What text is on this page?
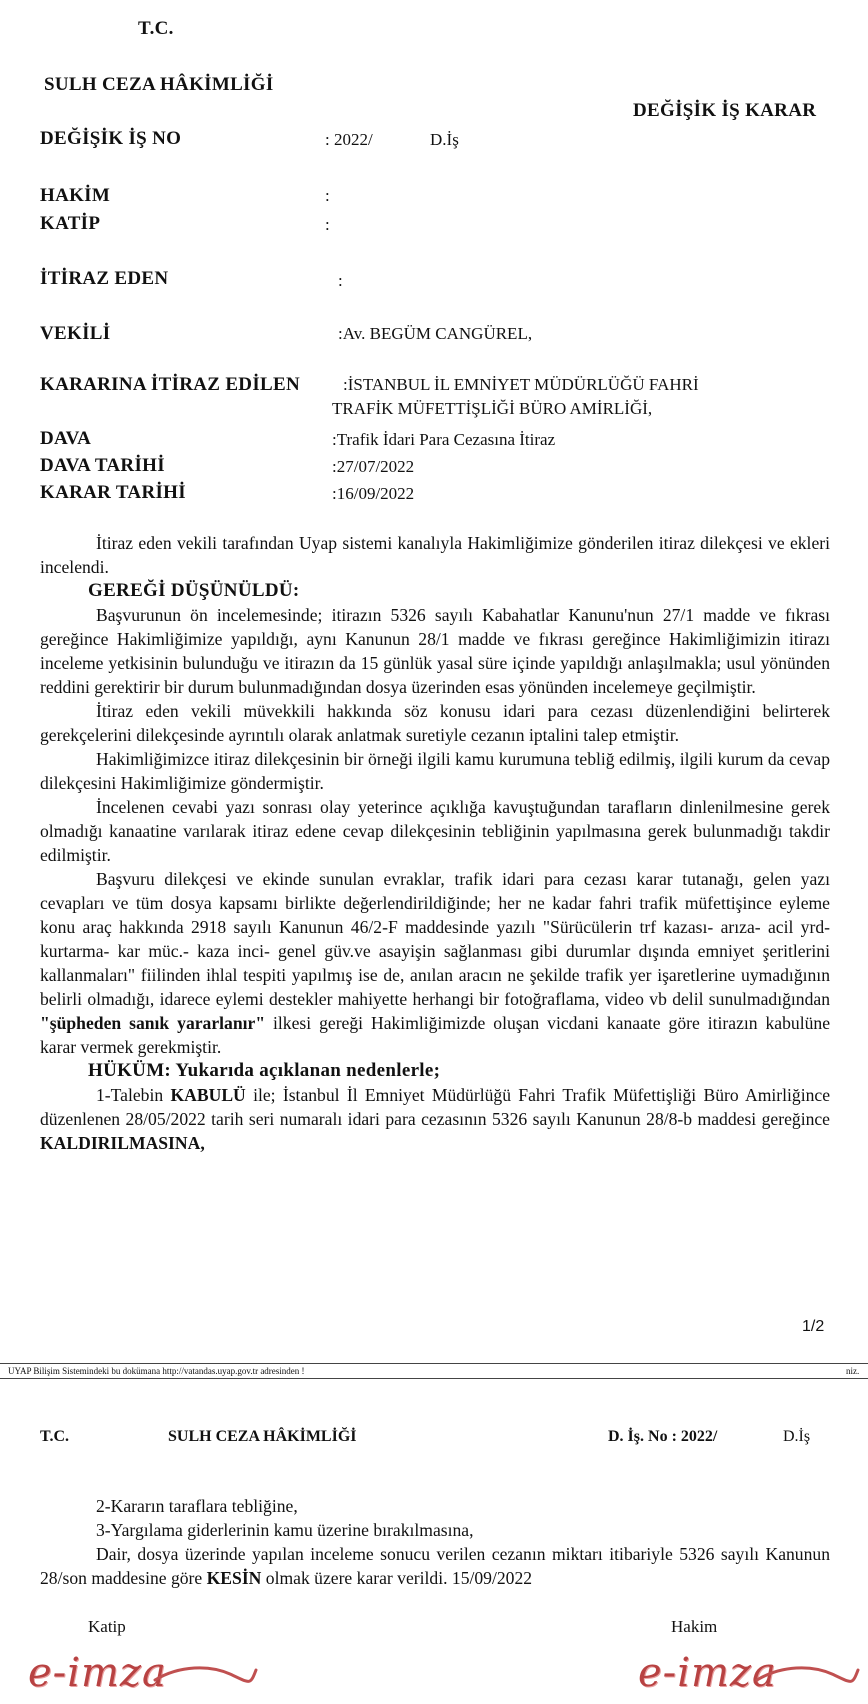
T.C.
SULH CEZA HÂKİMLİĞİ
DEĞİŞİK İŞ KARAR
DEĞİŞİK İŞ NO	: 2022/	D.İş
HAKİM	:
KATİP	:
İTİRAZ EDEN	:
VEKİLİ	:Av. BEGÜM CANGÜREL,
KARARINA İTİRAZ EDİLEN	:İSTANBUL İL EMNİYET MÜDÜRLÜĞÜ FAHRİ
TRAFİK MÜFETTİŞLİĞİ BÜRO AMİRLİĞİ,
DAVA	:Trafik İdari Para Cezasına İtiraz
DAVA TARİHİ	:27/07/2022
KARAR TARİHİ	:16/09/2022

İtiraz eden vekili tarafından Uyap sistemi kanalıyla Hakimliğimize gönderilen itiraz dilekçesi ve ekleri incelendi.

GEREĞİ DÜŞÜNÜLDÜ:

Başvurunun ön incelemesinde; itirazın 5326 sayılı Kabahatlar Kanunu'nun 27/1 madde ve fıkrası gereğince Hakimliğimize yapıldığı, aynı Kanunun 28/1 madde ve fıkrası gereğince Hakimliğimizin itirazı inceleme yetkisinin bulunduğu ve itirazın da 15 günlük yasal süre içinde yapıldığı anlaşılmakla; usul yönünden reddini gerektirir bir durum bulunmadığından dosya üzerinden esas yönünden incelemeye geçilmiştir.

İtiraz eden vekili müvekkili hakkında söz konusu idari para cezası düzenlendiğini belirterek gerekçelerini dilekçesinde ayrıntılı olarak anlatmak suretiyle cezanın iptalini talep etmiştir.

Hakimliğimizce itiraz dilekçesinin bir örneği ilgili kamu kurumuna tebliğ edilmiş, ilgili kurum da cevap dilekçesini Hakimliğimize göndermiştir.

İncelenen cevabi yazı sonrası olay yeterince açıklığa kavuştuğundan tarafların dinlenilmesine gerek olmadığı kanaatine varılarak itiraz edene cevap dilekçesinin tebliğinin yapılmasına gerek bulunmadığı takdir edilmiştir.

Başvuru dilekçesi ve ekinde sunulan evraklar, trafik idari para cezası karar tutanağı, gelen yazı cevapları ve tüm dosya kapsamı birlikte değerlendirildiğinde; her ne kadar fahri trafik müfettişince eyleme konu araç hakkında 2918 sayılı Kanunun 46/2-F maddesinde yazılı "Sürücülerin trf kazası- arıza- acil yrd- kurtarma- kar müc.- kaza inci- genel güv.ve asayişin sağlanması gibi durumlar dışında emniyet şeritlerini kallanmaları" fiilinden ihlal tespiti yapılmış ise de, anılan aracın ne şekilde trafik yer işaretlerine uymadığının belirli olmadığı, idarece eylemi destekler mahiyette herhangi bir fotoğraflama, video vb delil sunulmadığından "şüpheden sanık yararlanır" ilkesi gereği Hakimliğimizde oluşan vicdani kanaate göre itirazın kabulüne karar vermek gerekmiştir.

HÜKÜM: Yukarıda açıklanan nedenlerle;

1-Talebin KABULÜ ile; İstanbul İl Emniyet Müdürlüğü Fahri Trafik Müfettişliği Büro Amirliğince düzenlenen 28/05/2022 tarih seri numaralı idari para cezasının 5326 sayılı Kanunun 28/8-b maddesi gereğince KALDIRILMASINA,

1/2
UYAP Bilişim Sistemindeki bu dokümana http://vatandas.uyap.gov.tr adresinden !	niz.
T.C.	SULH CEZA HÂKİMLİĞİ	D. İş. No : 2022/	D.İş

2-Kararın taraflara tebliğine,

3-Yargılama giderlerinin kamu üzerine bırakılmasına,

Dair, dosya üzerinde yapılan inceleme sonucu verilen cezanın miktarı itibariyle 5326 sayılı Kanunun 28/son maddesine göre KESİN olmak üzere karar verildi. 15/09/2022

Katip	Hakim
e-imza	e-imza
